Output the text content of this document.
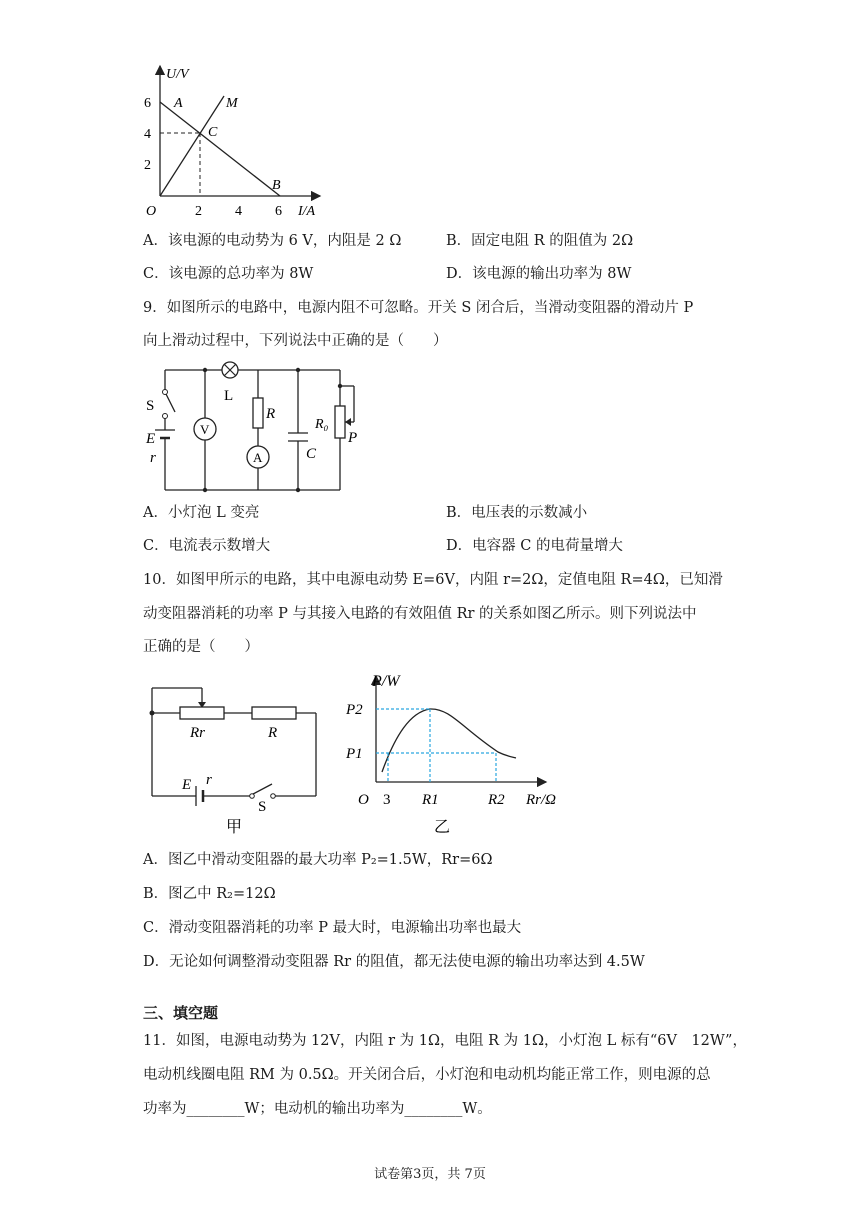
6
4
2
2 4 6
O
U/V
I/A
A	M
C
B
A．该电源的电动势为 6 V，内阻是 2 Ω	B．固定电阻 R 的阻值为 2Ω
C．该电源的总功率为 8W	D．该电源的输出功率为 8W
9．如图所示的电路中，电源内阻不可忽略。开关 S 闭合后，当滑动变阻器的滑动片 P
向上滑动过程中，下列说法中正确的是（　　）
S
E
r
L
V
R
A	C
R₀
P
A．小灯泡 L 变亮	B．电压表的示数减小
C．电流表示数增大	D．电容器 C 的电荷量增大
10．如图甲所示的电路，其中电源电动势 E=6V，内阻 r=2Ω，定值电阻 R=4Ω，已知滑
动变阻器消耗的功率 P 与其接入电路的有效阻值 Rr 的关系如图乙所示。则下列说法中
正确的是（　　）
Rr	R
E r
S
甲
P/W
P2
P1
O 3 R1	R2 Rr/Ω
乙
A．图乙中滑动变阻器的最大功率 P₂=1.5W，Rr=6Ω
B．图乙中 R₂=12Ω
C．滑动变阻器消耗的功率 P 最大时，电源输出功率也最大
D．无论如何调整滑动变阻器 Rr 的阻值，都无法使电源的输出功率达到 4.5W
三、填空题
11．如图，电源电动势为 12V，内阻 r 为 1Ω，电阻 R 为 1Ω，小灯泡 L 标有“6V　12W”，
电动机线圈电阻 RM 为 0.5Ω。开关闭合后，小灯泡和电动机均能正常工作，则电源的总
功率为________W；电动机的输出功率为________W。
试卷第3页，共 7页
